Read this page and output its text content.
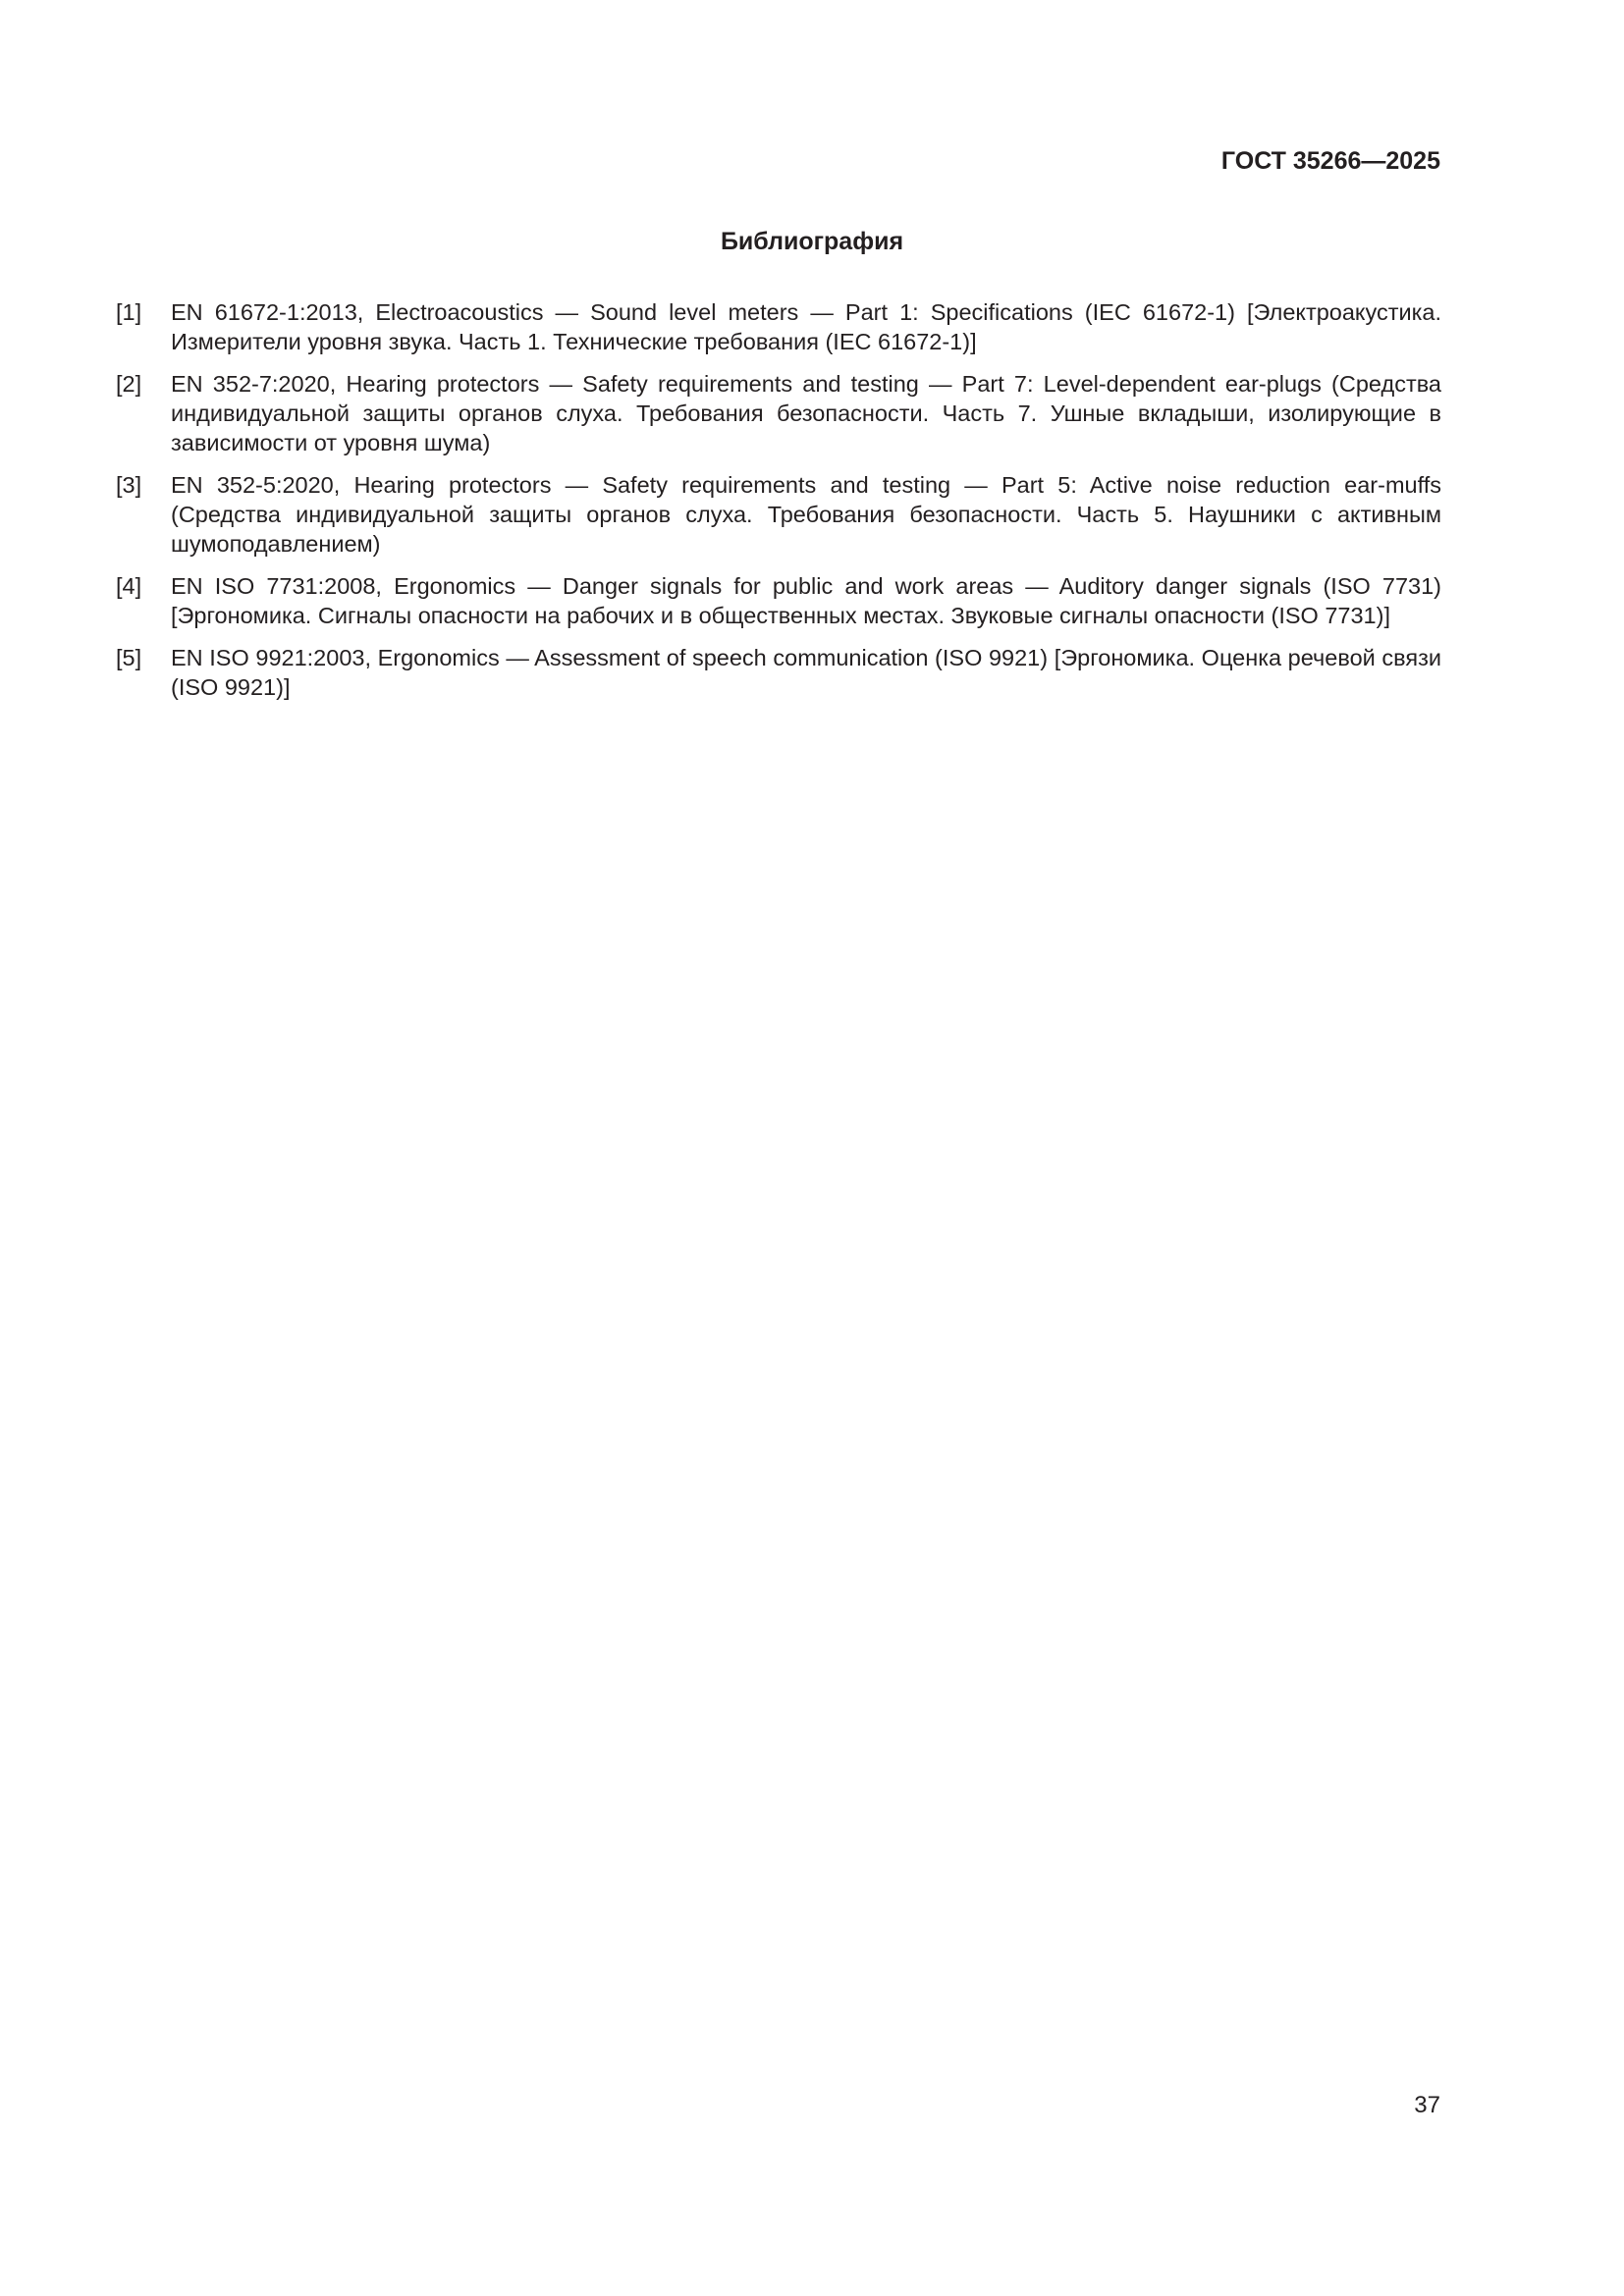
ГОСТ 35266—2025
Библиография
[1]	EN 61672-1:2013, Electroacoustics — Sound level meters — Part 1: Specifications (IEC 61672-1) [Электроакустика. Измерители уровня звука. Часть 1. Технические требования (IEC 61672-1)]
[2]	EN 352-7:2020, Hearing protectors — Safety requirements and testing — Part 7: Level-dependent ear-plugs (Средства индивидуальной защиты органов слуха. Требования безопасности. Часть 7. Ушные вкладыши, изолирующие в зависимости от уровня шума)
[3]	EN 352-5:2020, Hearing protectors — Safety requirements and testing — Part 5: Active noise reduction ear-muffs (Средства индивидуальной защиты органов слуха. Требования безопасности. Часть 5. Наушники с активным шумоподавлением)
[4]	EN ISO 7731:2008, Ergonomics — Danger signals for public and work areas — Auditory danger signals (ISO 7731) [Эргономика. Сигналы опасности на рабочих и в общественных местах. Звуковые сигналы опасности (ISO 7731)]
[5]	EN ISO 9921:2003, Ergonomics — Assessment of speech communication (ISO 9921) [Эргономика. Оценка речевой связи (ISO 9921)]
37
